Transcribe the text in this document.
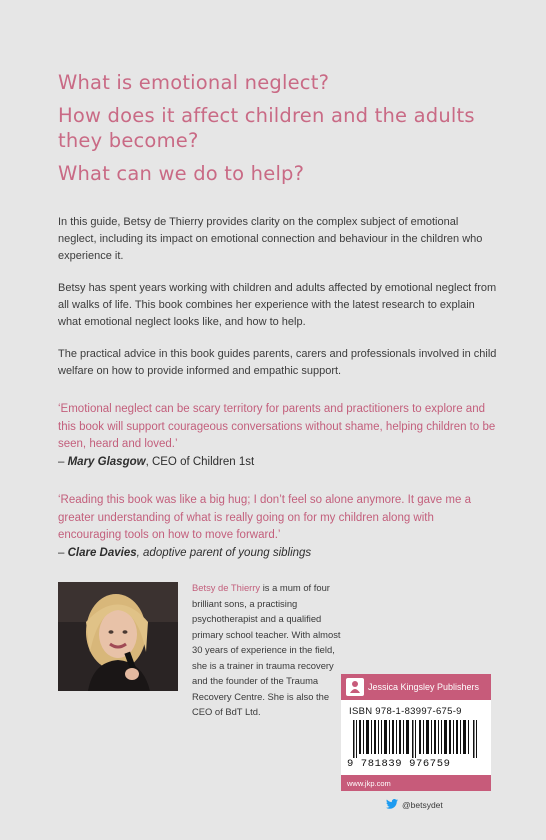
What is emotional neglect?
How does it affect children and the adults they become?
What can we do to help?

In this guide, Betsy de Thierry provides clarity on the complex subject of emotional neglect, including its impact on emotional connection and behaviour in the children who experience it.

Betsy has spent years working with children and adults affected by emotional neglect from all walks of life. This book combines her experience with the latest research to explain what emotional neglect looks like, and how to help.

The practical advice in this book guides parents, carers and professionals involved in child welfare on how to provide informed and empathic support.

‘Emotional neglect can be scary territory for parents and practitioners to explore and this book will support courageous conversations without shame, helping children to be seen, heard and loved.’
– Mary Glasgow, CEO of Children 1st
‘Reading this book was like a big hug; I don’t feel so alone anymore. It gave me a greater understanding of what is really going on for my children along with encouraging tools on how to move forward.’
– Clare Davies, adoptive parent of young siblings
Betsy de Thierry is a mum of four brilliant sons, a practising psychotherapist and a qualified primary school teacher. With almost 30 years of experience in the field, she is a trainer in trauma recovery and the founder of the Trauma Recovery Centre. She is also the CEO of BdT Ltd.
Jessica Kingsley Publishers
ISBN 978-1-83997-675-9
9 781839 976759
www.jkp.com
@betsydet
